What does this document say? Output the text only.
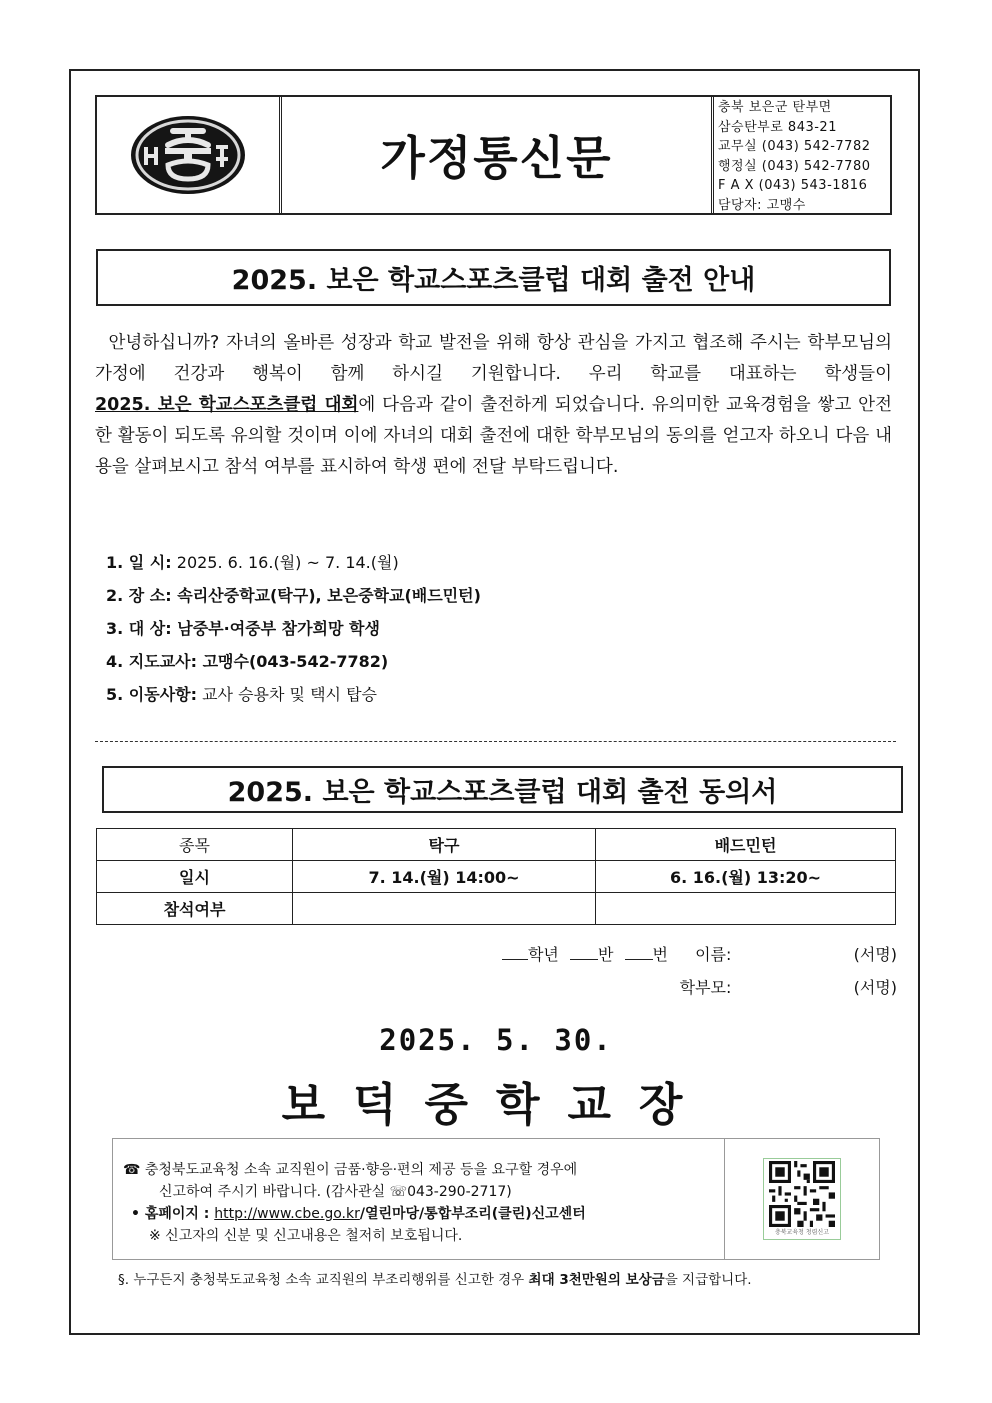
보덕	가정통신문
충북 보은군 탄부면
삼승탄부로 843-21
교무실 (043) 542-7782
행정실 (043) 542-7780
F A X (043) 543-1816
담당자: 고맹수
2025. 보은 학교스포츠클럽 대회 출전 안내
안녕하십니까? 자녀의 올바른 성장과 학교 발전을 위해 항상 관심을 가지고 협조해 주시는 학부모님의 가정에 건강과 행복이 함께 하시길 기원합니다. 우리 학교를 대표하는 학생들이 2025. 보은 학교스포츠클럽 대회에 다음과 같이 출전하게 되었습니다. 유의미한 교육경험을 쌓고 안전한 활동이 되도록 유의할 것이며 이에 자녀의 대회 출전에 대한 학부모님의 동의를 얻고자 하오니 다음 내용을 살펴보시고 참석 여부를 표시하여 학생 편에 전달 부탁드립니다.
1. 일 시: 2025. 6. 16.(월) ~ 7. 14.(월)
2. 장 소: 속리산중학교(탁구), 보은중학교(배드민턴)
3. 대 상: 남중부·여중부 참가희망 학생
4. 지도교사: 고맹수(043-542-7782)
5. 이동사항: 교사 승용차 및 택시 탑승
2025. 보은 학교스포츠클럽 대회 출전 동의서
종목	탁구	배드민턴
일시	7. 14.(월) 14:00~	6. 16.(월) 13:20~
참석여부		
학년 반 번 이름:	(서명)
학부모:	(서명)
2025. 5. 30.
보덕중학교장
☎ 충청북도교육청 소속 교직원이 금품·향응·편의 제공 등을 요구할 경우에
신고하여 주시기 바랍니다. (감사관실 ☏043-290-2717)
• 홈페이지 : http://www.cbe.go.kr/열린마당/통합부조리(클린)신고센터
※ 신고자의 신분 및 신고내용은 철저히 보호됩니다.	충북교육청 청렴신고
§. 누구든지 충청북도교육청 소속 교직원의 부조리행위를 신고한 경우 최대 3천만원의 보상금을 지급합니다.
